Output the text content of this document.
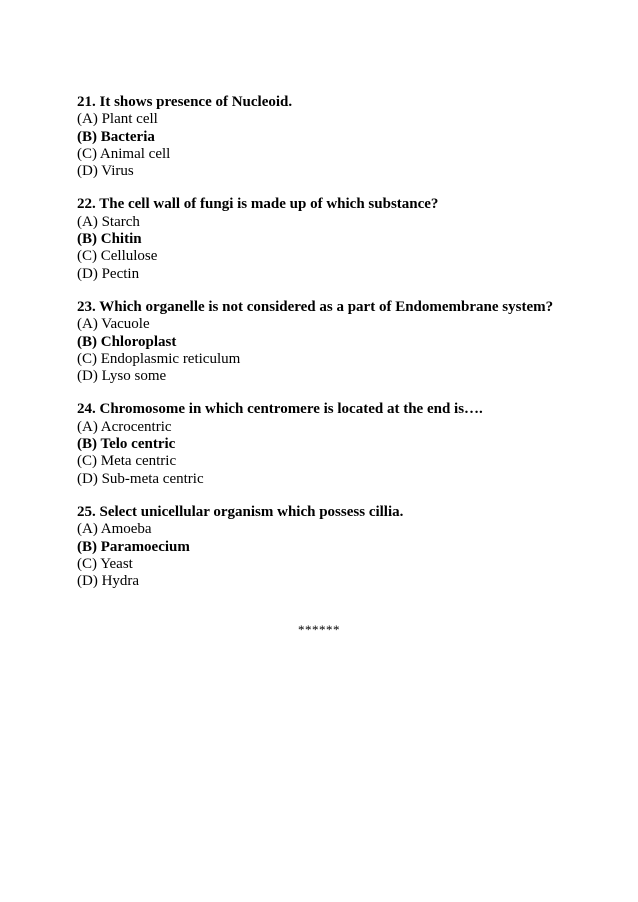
21. It shows presence of Nucleoid.
(A) Plant cell
(B) Bacteria
(C) Animal cell
(D) Virus
22. The cell wall of fungi is made up of which substance?
(A) Starch
(B) Chitin
(C) Cellulose
(D) Pectin
23. Which organelle is not considered as a part of Endomembrane system?
(A) Vacuole
(B) Chloroplast
(C) Endoplasmic reticulum
(D) Lyso some
24. Chromosome in which centromere is located at the end is….
(A) Acrocentric
(B) Telo centric
(C) Meta centric
(D) Sub-meta centric
25. Select unicellular organism which possess cillia.
(A) Amoeba
(B) Paramoecium
(C) Yeast
(D) Hydra
******
